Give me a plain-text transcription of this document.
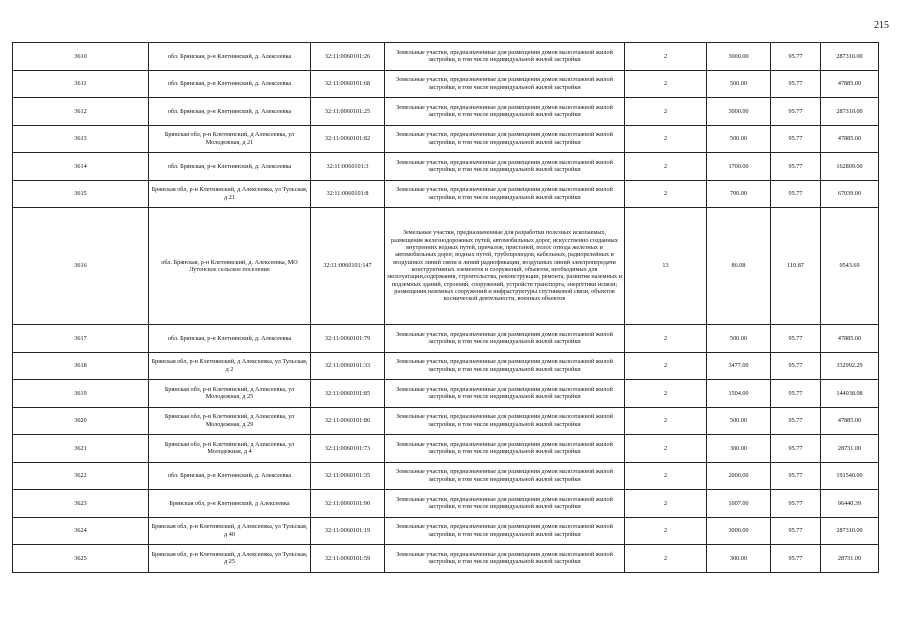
215
3610	обл. Брянская, р-н Клетнянский, д. Алексеевка	32:11:0060101:26	Земельные участки, предназначенные для размещения домов малоэтажной жилой застройки, в том числе индивидуальной жилой застройки	2	3000.00	95.77	287310.00
3611	обл. Брянская, р-н Клетнянский, д. Алексеевка	32:11:0060101:68	Земельные участки, предназначенные для размещения домов малоэтажной жилой застройки, в том числе индивидуальной жилой застройки	2	500.00	95.77	47885.00
3612	обл. Брянская, р-н Клетнянский, д. Алексеевка	32:11:0060101:25	Земельные участки, предназначенные для размещения домов малоэтажной жилой застройки, в том числе индивидуальной жилой застройки	2	3000.00	95.77	287310.00
3613	Брянская обл, р-н Клетнянский, д Алексеевка, ул Молодежная, д 21	32:11:0060101:82	Земельные участки, предназначенные для размещения домов малоэтажной жилой застройки, в том числе индивидуальной жилой застройки	2	500.00	95.77	47885.00
3614	обл. Брянская, р-н Клетнянский, д. Алексеевка	32:11:0060101:3	Земельные участки, предназначенные для размещения домов малоэтажной жилой застройки, в том числе индивидуальной жилой застройки	2	1700.00	95.77	162809.00
3615	Брянская обл, р-н Клетнянский, д Алексеевка, ул Тульская, д 21	32:11:0060101:8	Земельные участки, предназначенные для размещения домов малоэтажной жилой застройки, в том числе индивидуальной жилой застройки	2	700.00	95.77	67039.00
3616	обл. Брянская, р-н Клетнянский, д. Алексеевка, МО Лутенское сельское поселение	32:11:0060101:147	Земельные участки, предназначенные для разработки полезных ископаемых, размещения железнодорожных путей, автомобильных дорог, искусственно созданных внутренних водных путей, причалов, пристаней, полос отвода железных и автомобильных дорог, водных путей, трубопроводов, кабельных, радиорелейных и воздушных линий связи и линий радиофикации, воздушных линий электропередачи конструктивных элементов и сооружений, объектов, необходимых для эксплуатации,содержания, строительства, реконструкции, ремонта, развития наземных и подземных зданий, строений, сооружений, устройств транспорта, энергетики исвязи; размещения наземных сооружений и инфраструктуры спутниковой связи, объектов космической деятельности, военных объектов	13	86.08	110.87	9543.69
3617	обл. Брянская, р-н Клетнянский, д. Алексеевка	32:11:0060101:79	Земельные участки, предназначенные для размещения домов малоэтажной жилой застройки, в том числе индивидуальной жилой застройки	2	500.00	95.77	47885.00
3618	Брянская обл, р-н Клетнянский, д Алексеевка, ул Тульская, д 2	32:11:0060101:33	Земельные участки, предназначенные для размещения домов малоэтажной жилой застройки, в том числе индивидуальной жилой застройки	2	3477.00	95.77	332992.29
3619	Брянская обл, р-н Клетнянский, д Алексеевка, ул Молодежная, д 25	32:11:0060101:85	Земельные участки, предназначенные для размещения домов малоэтажной жилой застройки, в том числе индивидуальной жилой застройки	2	1504.00	95.77	144038.08
3620	Брянская обл, р-н Клетнянский, д Алексеевка, ул Молодежная, д 29	32:11:0060101:86	Земельные участки, предназначенные для размещения домов малоэтажной жилой застройки, в том числе индивидуальной жилой застройки	2	500.00	95.77	47885.00
3621	Брянская обл, р-н Клетнянский, д Алексеевка, ул Молодежная, д 4	32:11:0060101:73	Земельные участки, предназначенные для размещения домов малоэтажной жилой застройки, в том числе индивидуальной жилой застройки	2	300.00	95.77	28731.00
3622	обл. Брянская, р-н Клетнянский, д. Алексеевка	32:11:0060101:35	Земельные участки, предназначенные для размещения домов малоэтажной жилой застройки, в том числе индивидуальной жилой застройки	2	2000.00	95.77	191540.00
3623	Брянская обл, р-н Клетнянский, д Алексеевка	32:11:0060101:90	Земельные участки, предназначенные для размещения домов малоэтажной жилой застройки, в том числе индивидуальной жилой застройки	2	1007.00	95.77	96440.39
3624	Брянская обл, р-н Клетнянский, д Алексеевка, ул Тульская, д 40	32:11:0060101:19	Земельные участки, предназначенные для размещения домов малоэтажной жилой застройки, в том числе индивидуальной жилой застройки	2	3000.00	95.77	287310.00
3625	Брянская обл, р-н Клетнянский, д Алексеевка, ул Тульская, д 25	32:11:0060101:59	Земельные участки, предназначенные для размещения домов малоэтажной жилой застройки, в том числе индивидуальной жилой застройки	2	300.00	95.77	28731.00
